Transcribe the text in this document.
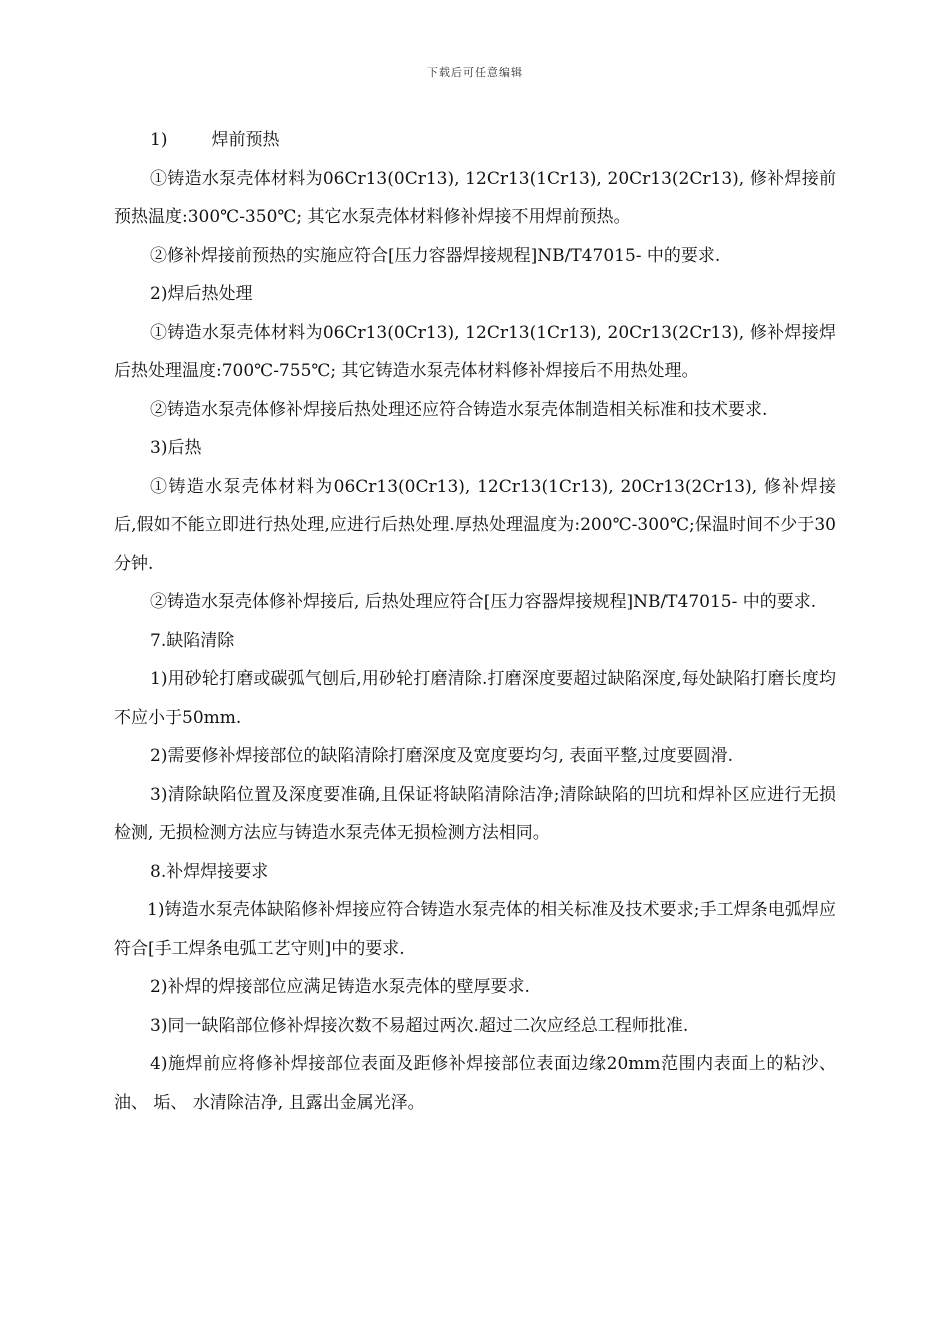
下载后可任意编辑

1)	焊前预热

①铸造水泵壳体材料为06Cr13(0Cr13), 12Cr13(1Cr13), 20Cr13(2Cr13), 修补焊接前预热温度:300℃-350℃; 其它水泵壳体材料修补焊接不用焊前预热。

②修补焊接前预热的实施应符合[压力容器焊接规程]NB/T47015- 中的要求.

2)焊后热处理

①铸造水泵壳体材料为06Cr13(0Cr13), 12Cr13(1Cr13), 20Cr13(2Cr13), 修补焊接焊后热处理温度:700℃-755℃; 其它铸造水泵壳体材料修补焊接后不用热处理。

②铸造水泵壳体修补焊接后热处理还应符合铸造水泵壳体制造相关标准和技术要求.

3)后热

①铸造水泵壳体材料为06Cr13(0Cr13), 12Cr13(1Cr13), 20Cr13(2Cr13), 修补焊接后,假如不能立即进行热处理,应进行后热处理.厚热处理温度为:200℃-300℃;保温时间不少于30分钟.

②铸造水泵壳体修补焊接后, 后热处理应符合[压力容器焊接规程]NB/T47015- 中的要求.

7.缺陷清除

1)用砂轮打磨或碳弧气刨后,用砂轮打磨清除.打磨深度要超过缺陷深度,每处缺陷打磨长度均不应小于50mm.

2)需要修补焊接部位的缺陷清除打磨深度及宽度要均匀, 表面平整,过度要圆滑.

3)清除缺陷位置及深度要准确,且保证将缺陷清除洁净;清除缺陷的凹坑和焊补区应进行无损检测, 无损检测方法应与铸造水泵壳体无损检测方法相同。

8.补焊焊接要求

1)铸造水泵壳体缺陷修补焊接应符合铸造水泵壳体的相关标准及技术要求;手工焊条电弧焊应符合[手工焊条电弧工艺守则]中的要求.

2)补焊的焊接部位应满足铸造水泵壳体的壁厚要求.

3)同一缺陷部位修补焊接次数不易超过两次.超过二次应经总工程师批准.

4)施焊前应将修补焊接部位表面及距修补焊接部位表面边缘20mm范围内表面上的粘沙、 油、 垢、 水清除洁净, 且露出金属光泽。
